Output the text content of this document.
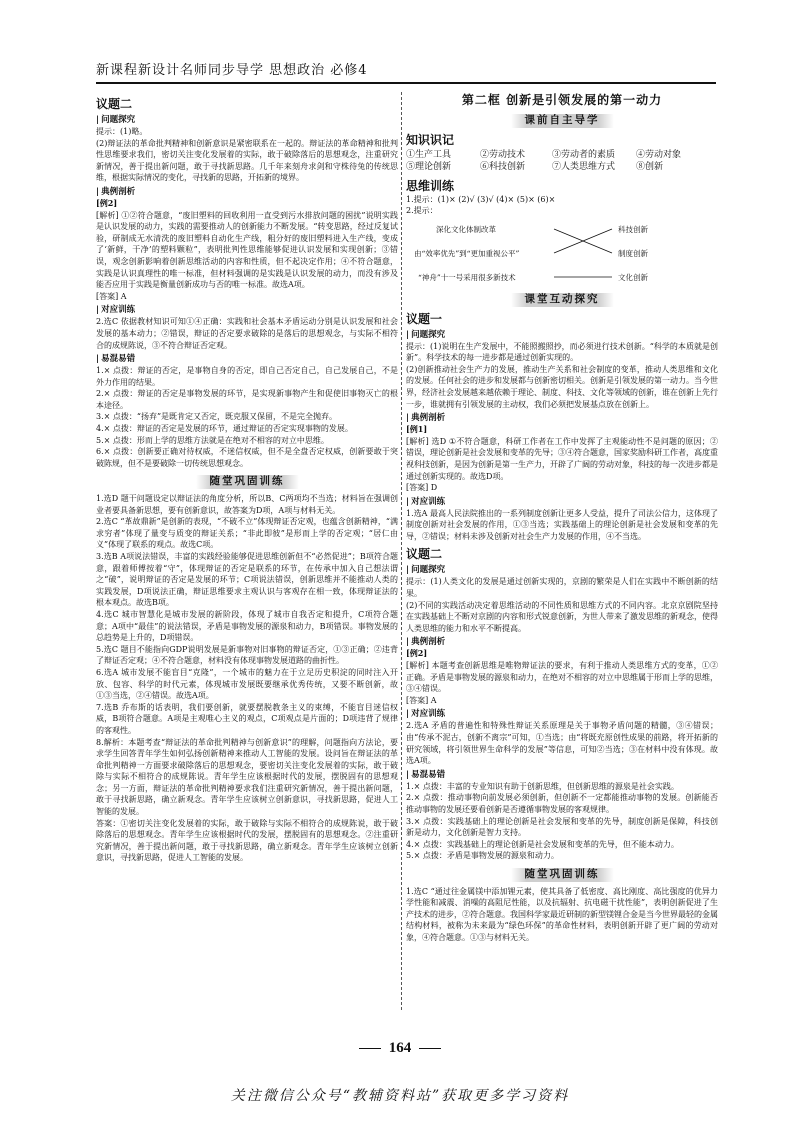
新课程新设计名师同步导学 思想政治 必修4
议题二
| 问题探究

提示：(1)略。

(2)辩证法的革命批判精神和创新意识是紧密联系在一起的。辩证法的革命精神和批判性思维要求我们，密切关注变化发展着的实际，敢于破除落后的思想观念，注重研究新情况，善于提出新问题，敢于寻找新思路。几千年来刻舟求剑和守株待兔的传统思维，根据实际情况的变化，寻找新的思路，开拓新的境界。

| 典例剖析

[例2]

[解析] ①②符合题意，“废旧塑料的回收利用一直受到污水排放问题的困扰”说明实践是认识发展的动力，实践的需要推动人的创新能力不断发展。“转变思路，经过反复试验，研制成无水清洗的废旧塑料自动化生产线，粗分好的废旧塑料进入生产线，变成了‘新鲜，干净’的塑料颗粒”，表明批判性思维能够促进认识发展和实现创新；③错误，观念创新影响着创新思维活动的内容和性质，但不起决定作用；④不符合题意，实践是认识真理性的唯一标准，但材料强调的是实践是认识发展的动力，而没有涉及能否应用于实践是衡量创新成功与否的唯一标准。故选A项。

[答案] A

| 对应训练

2.选C 依据教材知识可知①④正确：实践和社会基本矛盾运动分别是认识发展和社会发展的基本动力；②错误，辩证的否定要求破除的是落后的思想观念，与实际不相符合的成规陈说，③不符合辩证否定观。

| 易混易错

1.× 点拨：辩证的否定，是事物自身的否定，即自己否定自己，自己发展自己，不是外力作用的结果。

2.× 点拨：辩证的否定是事物发展的环节，是实现新事物产生和促使旧事物灭亡的根本途径。

3.× 点拨：“扬弃”是既肯定又否定，既克服又保留，不是完全抛弃。

4.× 点拨：辩证的否定是发展的环节，通过辩证的否定实现事物的发展。

5.× 点拨：形而上学的思维方法就是在绝对不相容的对立中思维。

6.× 点拨：创新要正确对待权威，不迷信权威，但不是全盘否定权威，创新要敢于突破陈规，但不是要破除一切传统思想观念。

随堂巩固训练

1.选D 题干问题设定以辩证法的角度分析，所以B、C两项均不当选；材料旨在强调创业者要具备新思想，要有创新意识，故答案为D项，A项与材料无关。

2.选C “革故鼎新”是创新的表现，“不破不立”体现辩证否定观，也蕴含创新精神，“满求穷者”体现了量变与质变的辩证关系；“非此即彼”是形而上学的否定观；“居仁由义”体现了联系的观点。故选C项。

3.选B A项说法错误，丰富的实践经验能够促进思维创新但不“必然促进”；B项符合题意，跟着师傅按着“守”，体现辩证的否定是联系的环节，在传承中加入自己想法谓之“破”，说明辩证的否定是发展的环节；C项说法错误，创新思维并不能推动人类的实践发展，D项说法正确，辩证思维要求主观认识与客观存在相一致，体现辩证法的根本观点。故选B项。

4.选C 城市智慧化是城市发展的新阶段，体现了城市自我否定和提升，C项符合题意；A项中“最佳”的说法错误，矛盾是事物发展的源泉和动力，B项错误。事物发展的总趋势是上升的，D项错误。

5.选C 题目不能指向GDP说明发展是新事物对旧事物的辩证否定，①③正确；②违背了辩证否定观；④不符合题意，材料没有体现事物发展道路的曲折性。

6.选A 城市发展不能盲目“克隆”，一个城市的魅力在于立足历史积淀的同时注入开放、包容、科学的时代元素，体现城市发展既要继承优秀传统，又要不断创新，故①③当选，②④错误。故选A项。

7.选B 乔布斯的话表明，我们要创新，就要摆脱教条主义的束缚，不能盲目迷信权威，B项符合题意。A项是主观唯心主义的观点，C项观点是片面的；D项违背了规律的客观性。

8.解析：本题考查“辩证法的革命批判精神与创新意识”的理解，问题指向方法论，要求学生回答青年学生如何弘扬创新精神来推动人工智能的发展。设问旨在辩证法的革命批判精神一方面要求破除落后的思想观念，要密切关注变化发展着的实际，敢于破除与实际不相符合的成规陈说。青年学生应该根据时代的发展，摆脱固有的思想观念；另一方面，辩证法的革命批判精神要求我们注重研究新情况，善于提出新问题，敢于寻找新思路，确立新观念。青年学生应该树立创新意识，寻找新思路，促进人工智能的发展。

答案：①密切关注变化发展着的实际，敢于破除与实际不相符合的成规陈说，敢于破除落后的思想观念。青年学生应该根据时代的发展，摆脱固有的思想观念。②注重研究新情况，善于提出新问题，敢于寻找新思路，确立新观念。青年学生应该树立创新意识，寻找新思路，促进人工智能的发展。

第二框 创新是引领发展的第一动力
课前自主导学
知识识记
①生产工具	②劳动技术	③劳动者的素质	④劳动对象
⑤理论创新	⑥科技创新	⑦人类思维方式	⑧创新
思维训练

1.提示：(1)× (2)√ (3)√ (4)× (5)× (6)×

2.提示：

深化文化体制改革
由“效率优先”到“更加重视公平”
“神舟”十一号采用很多新技术
科技创新
制度创新
文化创新
课堂互动探究
议题一
| 问题探究

提示：(1)说明在生产发展中，不能照搬照抄，而必须进行技术创新。“科学的本质就是创新”。科学技术的每一进步都是通过创新实现的。

(2)创新推动社会生产力的发展，推动生产关系和社会制度的变革，推动人类思维和文化的发展。任何社会的进步和发展都与创新密切相关。创新是引领发展的第一动力。当今世界，经济社会发展越来越依赖于理论、制度、科技、文化等领域的创新，谁在创新上先行一步，谁就拥有引领发展的主动权，我们必须把发展基点放在创新上。

| 典例剖析

[例1]

[解析] 选D ①不符合题意，科研工作者在工作中发挥了主观能动性不是问题的原因；②错误，理论创新是社会发展和变革的先导；③④符合题意，国家奖励科研工作者，高度重视科技创新，是因为创新是第一生产力，开辟了广阔的劳动对象，科技的每一次进步都是通过创新实现的。故选D项。

[答案] D

| 对应训练

1.选A 最高人民法院推出的一系列制度创新让更多人受益，提升了司法公信力，这体现了制度创新对社会发展的作用，①③当选；实践基础上的理论创新是社会发展和变革的先导，②错误；材料未涉及创新对社会生产力发展的作用，④不当选。

议题二
| 问题探究

提示：(1)人类文化的发展是通过创新实现的，京剧的繁荣是人们在实践中不断创新的结果。

(2)不同的实践活动决定着思维活动的不同性质和思维方式的不同内容。北京京剧院坚持在实践基础上不断对京剧的内容和形式锐意创新，为世人带来了激发思维的新观念，使得人类思维的能力和水平不断提高。

| 典例剖析

[例2]

[解析] 本题考查创新思维是唯物辩证法的要求，有利于推动人类思维方式的变革，①②正确。矛盾是事物发展的源泉和动力，在绝对不相容的对立中思维属于形而上学的思维，③④错误。

[答案] A

| 对应训练

2.选A 矛盾的普遍性和特殊性辩证关系原理是关于事物矛盾问题的精髓，③④错误；由“传承不泥古，创新不离宗”可知，①当选；由“将既充原创性成果的前路，将开拓新的研究领域，将引领世界生命科学的发展”等信息，可知②当选；③在材料中没有体现。故选A项。

| 易混易错

1.× 点拨：丰富的专业知识有助于创新思维，但创新思维的源泉是社会实践。

2.× 点拨：推动事物向前发展必须创新，但创新不一定都能推动事物的发展。创新能否推动事物的发展还要看创新是否遵循事物发展的客观规律。

3.× 点拨：实践基础上的理论创新是社会发展和变革的先导，制度创新是保障，科技创新是动力，文化创新是智力支持。

4.× 点拨：实践基础上的理论创新是社会发展和变革的先导，但不能本动力。

5.× 点拨：矛盾是事物发展的源泉和动力。

随堂巩固训练

1.选C “通过往金属镁中添加锂元素，使其具备了低密度、高比刚度、高比强度的优异力学性能和减震、消噪的高阻尼性能，以及抗辐射、抗电磁干扰性能”，表明创新促进了生产技术的进步，②符合题意。我国科学家最近研制的新型镁锂合金是当今世界最轻的金属结构材料，被称为未来最为“绿色环保”的革命性材料，表明创新开辟了更广阔的劳动对象，④符合题意。①③与材料无关。

164
关注微信公众号“教辅资料站”获取更多学习资料
